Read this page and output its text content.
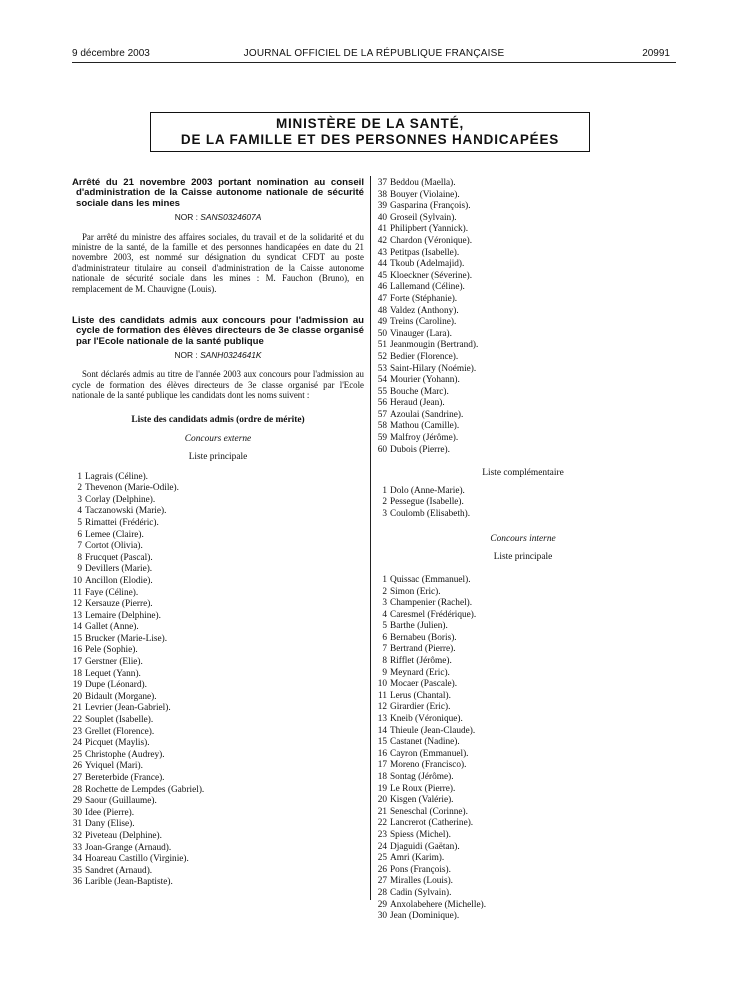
9 décembre 2003	JOURNAL OFFICIEL DE LA RÉPUBLIQUE FRANÇAISE	20991
MINISTÈRE DE LA SANTÉ,
DE LA FAMILLE ET DES PERSONNES HANDICAPÉES

Arrêté du 21 novembre 2003 portant nomination au conseil d'administration de la Caisse autonome nationale de sécurité sociale dans les mines

NOR : SANS0324607A

Par arrêté du ministre des affaires sociales, du travail et de la solidarité et du ministre de la santé, de la famille et des personnes handicapées en date du 21 novembre 2003, est nommé sur désignation du syndicat CFDT au poste d'administrateur titulaire au conseil d'administration de la Caisse autonome nationale de sécurité sociale dans les mines : M. Fauchon (Bruno), en remplacement de M. Chauvigne (Louis).

Liste des candidats admis aux concours pour l'admission au cycle de formation des élèves directeurs de 3e classe organisé par l'Ecole nationale de la santé publique

NOR : SANH0324641K

Sont déclarés admis au titre de l'année 2003 aux concours pour l'admission au cycle de formation des élèves directeurs de 3e classe organisé par l'Ecole nationale de la santé publique les candidats dont les noms suivent :

Liste des candidats admis (ordre de mérite)
Concours externe
Liste principale
1 Lagrais (Céline).
2 Thevenon (Marie-Odile).
3 Corlay (Delphine).
4 Taczanowski (Marie).
5 Rimattei (Frédéric).
6 Lemee (Claire).
7 Cortot (Olivia).
8 Frucquet (Pascal).
9 Devillers (Marie).
10 Ancillon (Elodie).
11 Faye (Céline).
12 Kersauze (Pierre).
13 Lemaire (Delphine).
14 Gallet (Anne).
15 Brucker (Marie-Lise).
16 Pele (Sophie).
17 Gerstner (Elie).
18 Lequet (Yann).
19 Dupe (Léonard).
20 Bidault (Morgane).
21 Levrier (Jean-Gabriel).
22 Souplet (Isabelle).
23 Grellet (Florence).
24 Picquet (Maylis).
25 Christophe (Audrey).
26 Yviquel (Mari).
27 Bereterbide (France).
28 Rochette de Lempdes (Gabriel).
29 Saour (Guillaume).
30 Idee (Pierre).
31 Dany (Elise).
32 Piveteau (Delphine).
33 Joan-Grange (Arnaud).
34 Hoareau Castillo (Virginie).
35 Sandret (Arnaud).
36 Larible (Jean-Baptiste).
37 Beddou (Maella).
38 Bouyer (Violaine).
39 Gasparina (François).
40 Groseil (Sylvain).
41 Philipbert (Yannick).
42 Chardon (Véronique).
43 Petitpas (Isabelle).
44 Tkoub (Adelmajid).
45 Kloeckner (Séverine).
46 Lallemand (Céline).
47 Forte (Stéphanie).
48 Valdez (Anthony).
49 Treins (Caroline).
50 Vinauger (Lara).
51 Jeanmougin (Bertrand).
52 Bedier (Florence).
53 Saint-Hilary (Noémie).
54 Mourier (Yohann).
55 Bouche (Marc).
56 Heraud (Jean).
57 Azoulai (Sandrine).
58 Mathou (Camille).
59 Malfroy (Jérôme).
60 Dubois (Pierre).
Liste complémentaire
1 Dolo (Anne-Marie).
2 Pessegue (Isabelle).
3 Coulomb (Elisabeth).
Concours interne
Liste principale
1 Quissac (Emmanuel).
2 Simon (Eric).
3 Champenier (Rachel).
4 Caresmel (Frédérique).
5 Barthe (Julien).
6 Bernabeu (Boris).
7 Bertrand (Pierre).
8 Rifflet (Jérôme).
9 Meynard (Eric).
10 Mocaer (Pascale).
11 Lerus (Chantal).
12 Girardier (Eric).
13 Kneib (Véronique).
14 Thieule (Jean-Claude).
15 Castanet (Nadine).
16 Cayron (Emmanuel).
17 Moreno (Francisco).
18 Sontag (Jérôme).
19 Le Roux (Pierre).
20 Kisgen (Valérie).
21 Seneschal (Corinne).
22 Lancrerot (Catherine).
23 Spiess (Michel).
24 Djaguidi (Gaëtan).
25 Amri (Karim).
26 Pons (François).
27 Miralles (Louis).
28 Cadin (Sylvain).
29 Anxolabehere (Michelle).
30 Jean (Dominique).
